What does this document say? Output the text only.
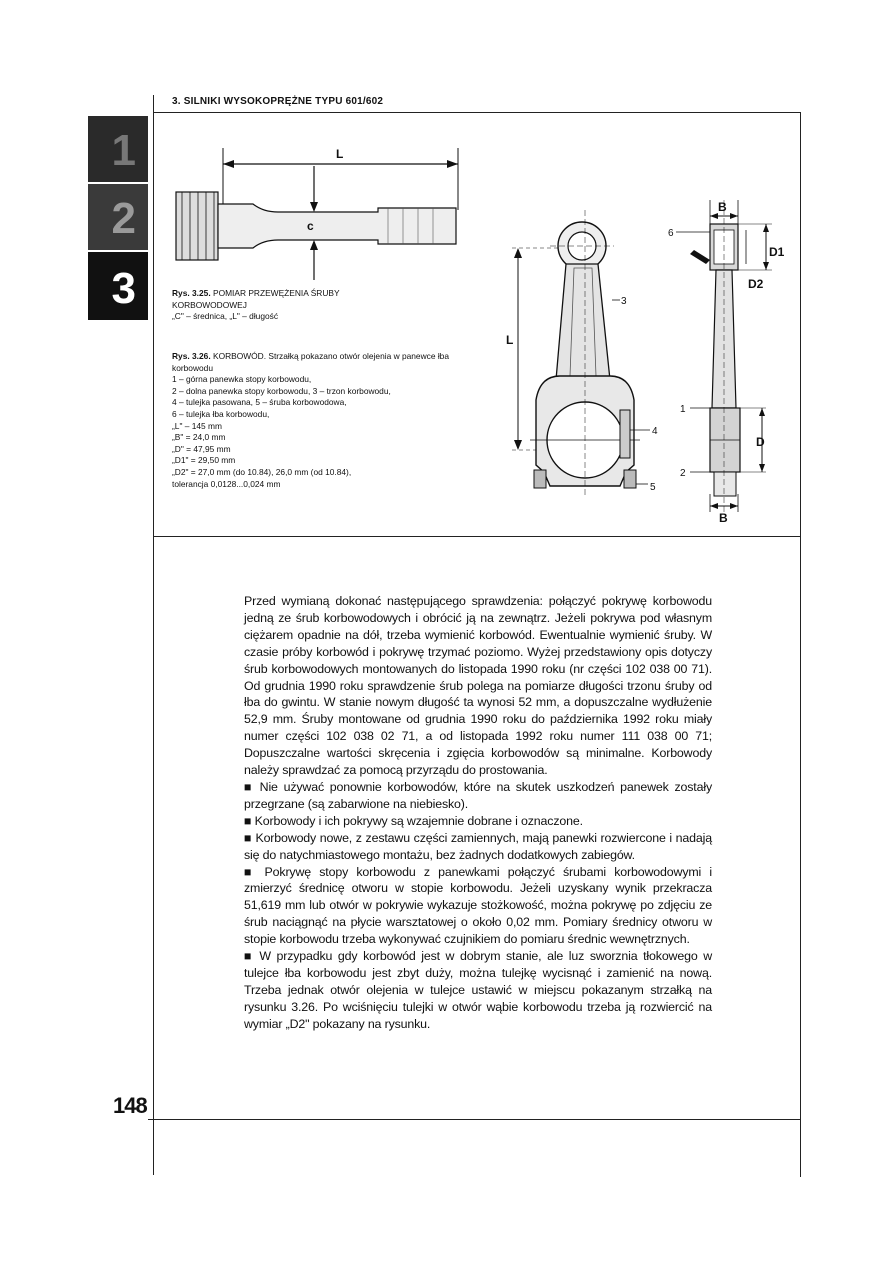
3. SILNIKI WYSOKOPRĘŻNE TYPU 601/602
1
2
3
L
c
Rys. 3.25. POMIAR PRZEWĘŻENIA ŚRUBY KORBOWODOWEJ
„C" – średnica, „L" – długość
Rys. 3.26. KORBOWÓD. Strzałką pokazano otwór olejenia w panewce łba korbowodu
1 – górna panewka stopy korbowodu,
2 – dolna panewka stopy korbowodu, 3 – trzon korbowodu,
4 – tulejka pasowana, 5 – śruba korbowodowa,
6 – tulejka łba korbowodu,
„L" – 145 mm
„B" = 24,0 mm
„D" = 47,95 mm
„D1" = 29,50 mm
„D2" = 27,0 mm (do 10.84), 26,0 mm (od 10.84),
tolerancja 0,0128...0,024 mm
L
3
4
5
B
6
D1
D2
D
1
2
B

Przed wymianą dokonać następującego sprawdzenia: połączyć pokrywę korbowodu jedną ze śrub korbowodowych i obrócić ją na zewnątrz. Jeżeli pokrywa pod własnym ciężarem opadnie na dół, trzeba wymienić korbowód. Ewentualnie wymienić śruby. W czasie próby korbowód i pokrywę trzymać poziomo. Wyżej przedstawiony opis dotyczy śrub korbowodowych montowanych do listopada 1990 roku (nr części 102 038 00 71). Od grudnia 1990 roku sprawdzenie śrub polega na pomiarze długości trzonu śruby od łba do gwintu. W stanie nowym długość ta wynosi 52 mm, a dopuszczalne wydłużenie 52,9 mm. Śruby montowane od grudnia 1990 roku do października 1992 roku miały numer części 102 038 02 71, a od listopada 1992 roku numer 111 038 00 71; Dopuszczalne wartości skręcenia i zgięcia korbowodów są minimalne. Korbowody należy sprawdzać za pomocą przyrządu do prostowania.

■ Nie używać ponownie korbowodów, które na skutek uszkodzeń panewek zostały przegrzane (są zabarwione na niebiesko).

■ Korbowody i ich pokrywy są wzajemnie dobrane i oznaczone.

■ Korbowody nowe, z zestawu części zamiennych, mają panewki rozwiercone i nadają się do natychmiastowego montażu, bez żadnych dodatkowych zabiegów.

■ Pokrywę stopy korbowodu z panewkami połączyć śrubami korbowodowymi i zmierzyć średnicę otworu w stopie korbowodu. Jeżeli uzyskany wynik przekracza 51,619 mm lub otwór w pokrywie wykazuje stożkowość, można pokrywę po zdjęciu ze śrub naciągnąć na płycie warsztatowej o około 0,02 mm. Pomiary średnicy otworu w stopie korbowodu trzeba wykonywać czujnikiem do pomiaru średnic wewnętrznych.

■ W przypadku gdy korbowód jest w dobrym stanie, ale luz sworznia tłokowego w tulejce łba korbowodu jest zbyt duży, można tulejkę wycisnąć i zamienić na nową. Trzeba jednak otwór olejenia w tulejce ustawić w miejscu pokazanym strzałką na rysunku 3.26. Po wciśnięciu tulejki w otwór wąbie korbowodu trzeba ją rozwiercić na wymiar „D2" pokazany na rysunku.

148
